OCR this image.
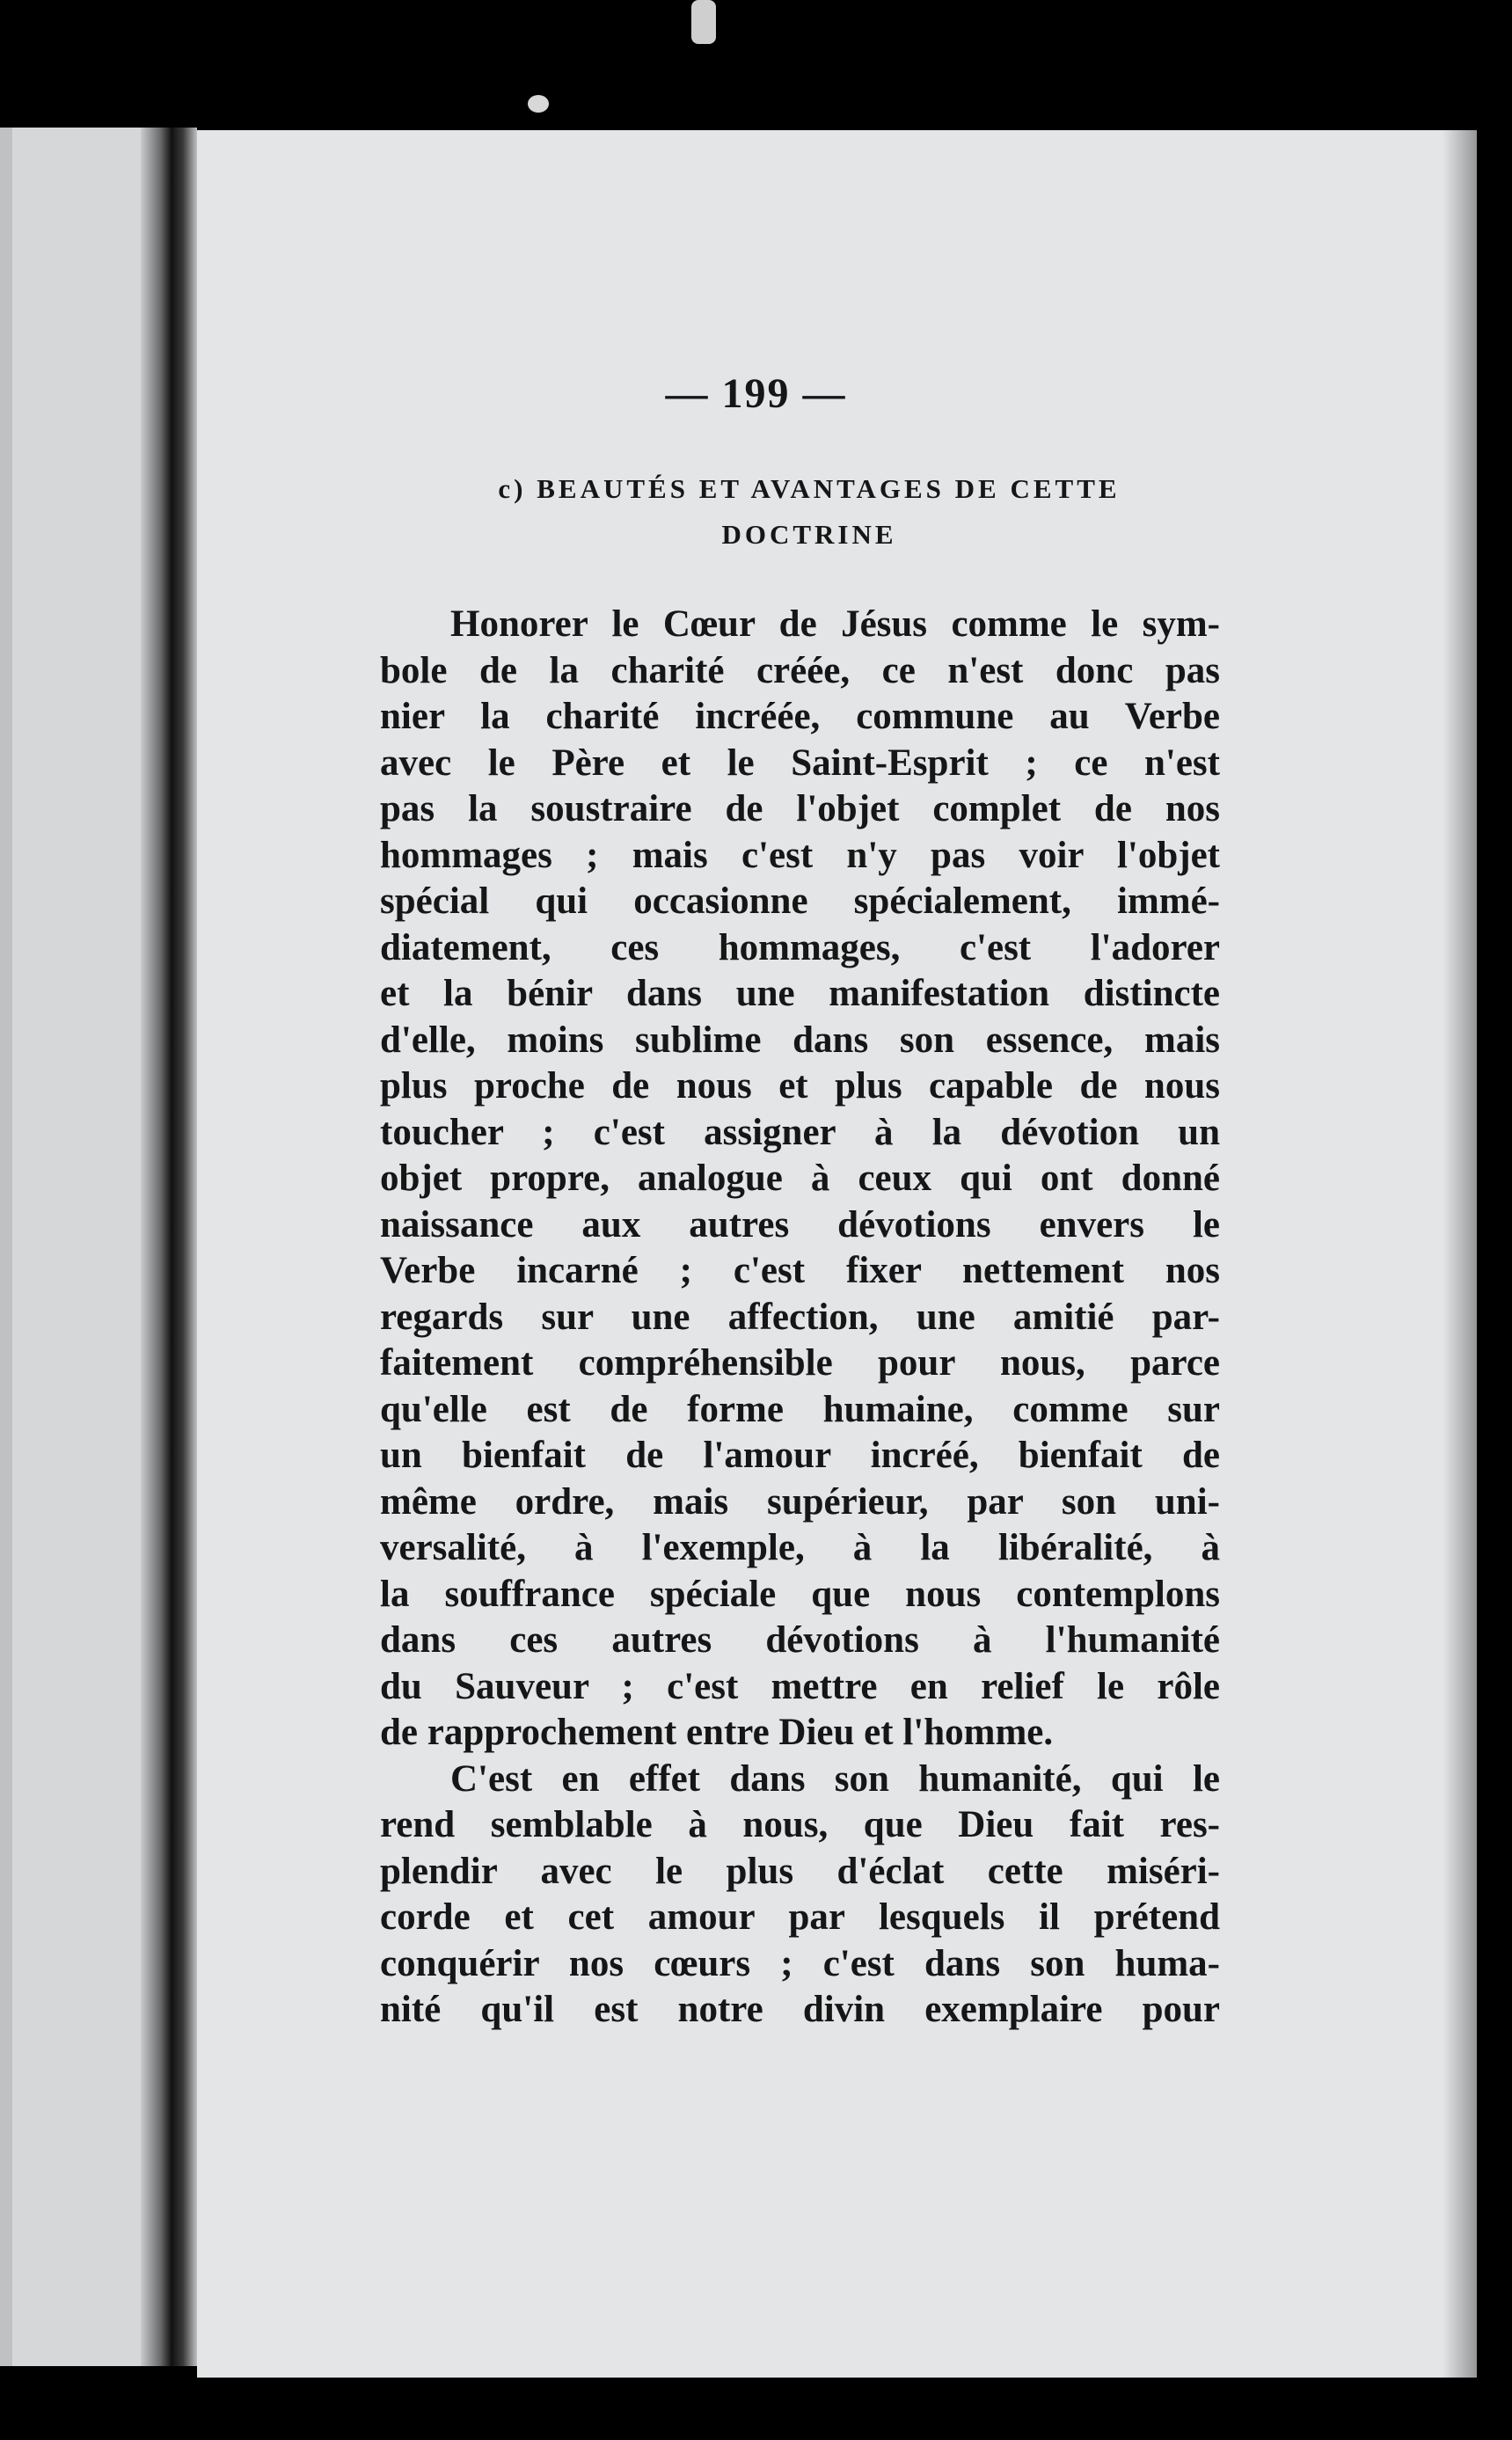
— 199 —
c) BEAUTÉS ET AVANTAGES DE CETTE
DOCTRINE
Honorer le Cœur de Jésus comme le sym-
bole de la charité créée, ce n'est donc pas
nier la charité incréée, commune au Verbe
avec le Père et le Saint-Esprit ; ce n'est
pas la soustraire de l'objet complet de nos
hommages ; mais c'est n'y pas voir l'objet
spécial qui occasionne spécialement, immé-
diatement, ces hommages, c'est l'adorer
et la bénir dans une manifestation distincte
d'elle, moins sublime dans son essence, mais
plus proche de nous et plus capable de nous
toucher ; c'est assigner à la dévotion un
objet propre, analogue à ceux qui ont donné
naissance aux autres dévotions envers le
Verbe incarné ; c'est fixer nettement nos
regards sur une affection, une amitié par-
faitement compréhensible pour nous, parce
qu'elle est de forme humaine, comme sur
un bienfait de l'amour incréé, bienfait de
même ordre, mais supérieur, par son uni-
versalité, à l'exemple, à la libéralité, à
la souffrance spéciale que nous contemplons
dans ces autres dévotions à l'humanité
du Sauveur ; c'est mettre en relief le rôle
de rapprochement entre Dieu et l'homme.
C'est en effet dans son humanité, qui le
rend semblable à nous, que Dieu fait res-
plendir avec le plus d'éclat cette miséri-
corde et cet amour par lesquels il prétend
conquérir nos cœurs ; c'est dans son huma-
nité qu'il est notre divin exemplaire pour
